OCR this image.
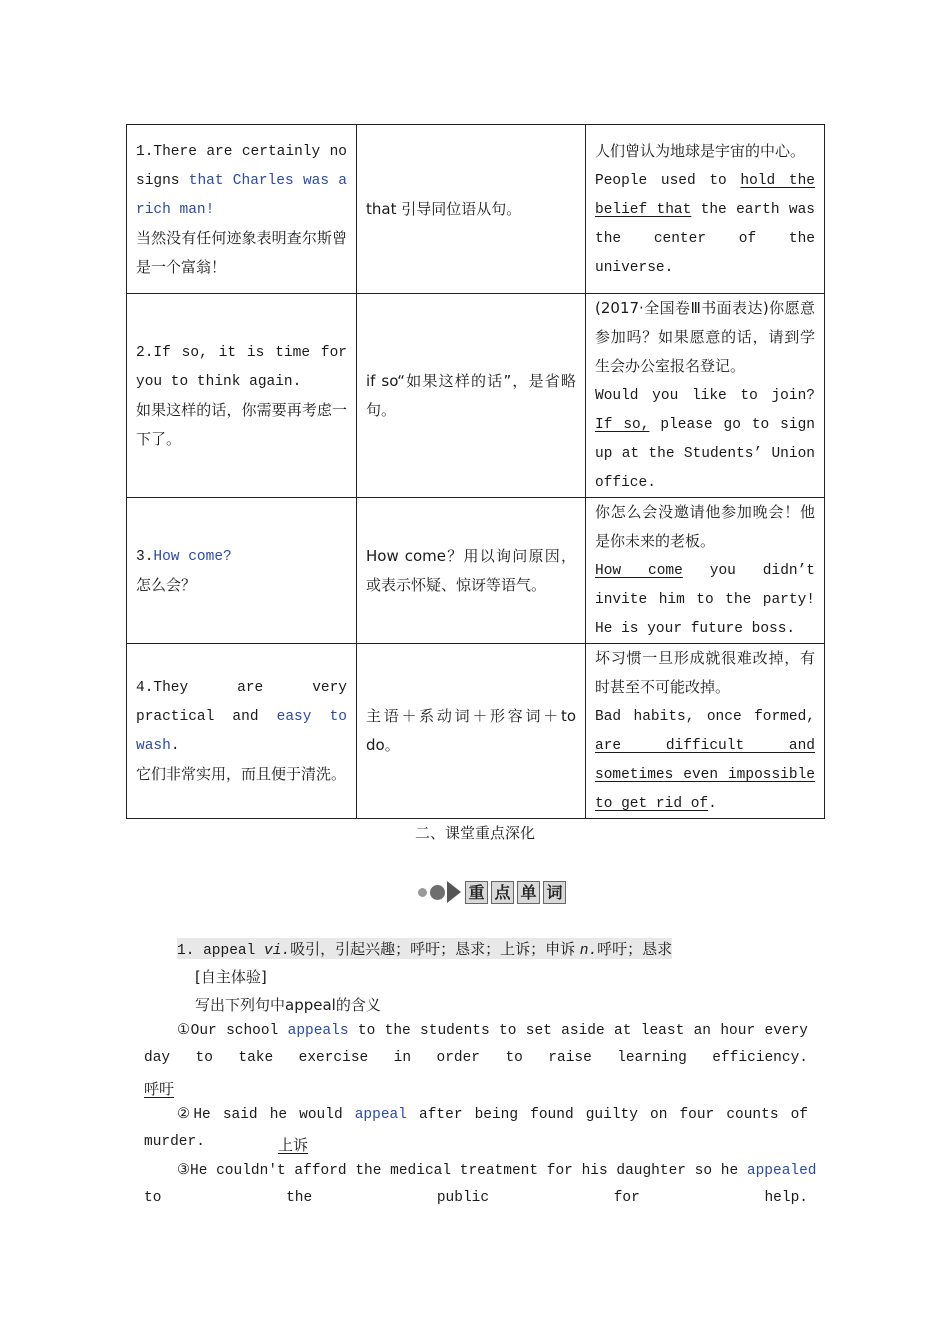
1.There are certainly no signs that Charles was a rich man!
当然没有任何迹象表明查尔斯曾是一个富翁！	that 引导同位语从句。	人们曾认为地球是宇宙的中心。
People used to hold the belief that the earth was the center of the universe.
2.If so, it is time for you to think again.
如果这样的话，你需要再考虑一下了。	if so“如果这样的话”，是省略句。	(2017·全国卷Ⅲ书面表达)你愿意参加吗？如果愿意的话，请到学生会办公室报名登记。
Would you like to join? If so, please go to sign up at the Students’ Union office.
3.How come?
怎么会？	How come？用以询问原因，或表示怀疑、惊讶等语气。	你怎么会没邀请他参加晚会！他是你未来的老板。
How come you didn’t invite him to the party! He is your future boss.
4.They are very practical and easy to wash.
它们非常实用，而且便于清洗。	主语＋系动词＋形容词＋to do。	坏习惯一旦形成就很难改掉，有时甚至不可能改掉。
Bad habits, once formed, are difficult and sometimes even impossible to get rid of.
二、课堂重点深化
重 点 单 词
1. appeal vi.吸引，引起兴趣；呼吁；恳求；上诉；申诉 n.呼吁；恳求
[自主体验]
写出下列句中appeal的含义
①Our school appeals to the students to set aside at least an hour every
day to take exercise in order to raise learning efficiency.
呼吁
②He said he would appeal after being found guilty on four counts of
murder.	上诉
③He couldn't afford the medical treatment for his daughter so he appealed
to the public for help.
